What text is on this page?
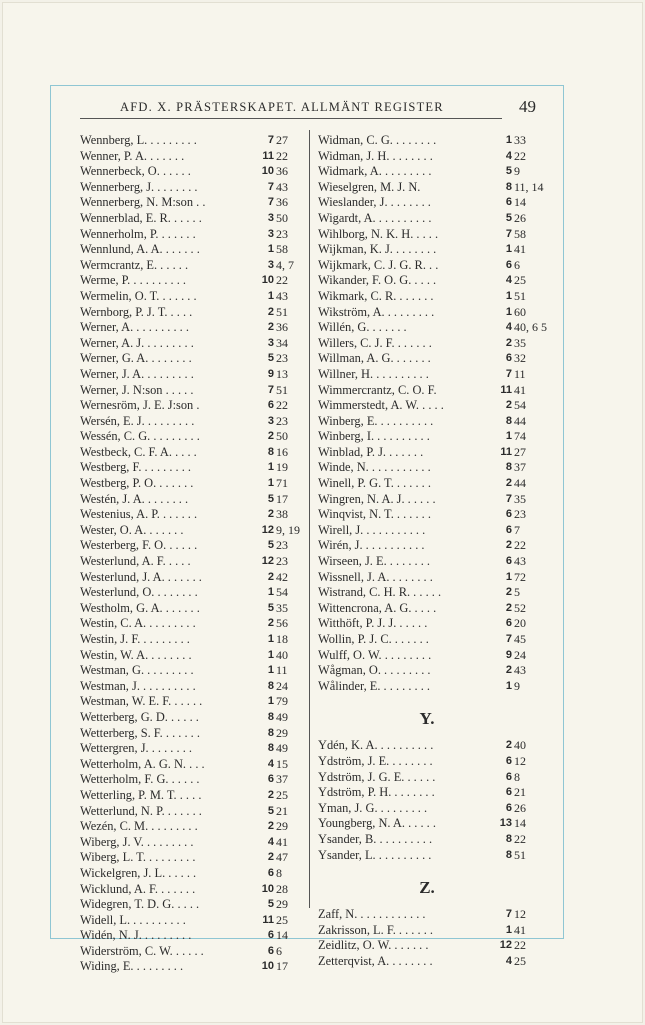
AFD. X. PRÄSTERSKAPET. ALLMÄNT REGISTER	49
Wennberg, L. . . . . . . . .	7 27
Wenner, P. A. . . . . . .	11 22
Wennerbeck, O. . . . . .	10 36
Wennerberg, J. . . . . . . .	7 43
Wennerberg, N. M:son . .	7 36
Wennerblad, E. R. . . . . .	3 50
Wennerholm, P. . . . . . .	3 23
Wennlund, A. A. . . . . . .	1 58
Wermcrantz, E. . . . . .	3 4, 7
Werme, P. . . . . . . . . .	10 22
Wermelin, O. T. . . . . . .	1 43
Wernborg, P. J. T. . . . .	2 51
Werner, A. . . . . . . . . .	2 36
Werner, A. J. . . . . . . . .	3 34
Werner, G. A. . . . . . . .	5 23
Werner, J. A. . . . . . . . .	9 13
Werner, J. N:son . . . . .	7 51
Wernesröm, J. E. J:son .	6 22
Wersén, E. J. . . . . . . . .	3 23
Wessén, C. G. . . . . . . . .	2 50
Westbeck, C. F. A. . . . .	8 16
Westberg, F. . . . . . . . .	1 19
Westberg, P. O. . . . . . .	1 71
Westén, J. A. . . . . . . .	5 17
Westenius, A. P. . . . . . .	2 38
Wester, O. A. . . . . . .	12 9, 19
Westerberg, F. O. . . . . .	5 23
Westerlund, A. F. . . . .	12 23
Westerlund, J. A. . . . . . .	2 42
Westerlund, O. . . . . . . .	1 54
Westholm, G. A. . . . . . .	5 35
Westin, C. A. . . . . . . . .	2 56
Westin, J. F. . . . . . . . .	1 18
Westin, W. A. . . . . . . .	1 40
Westman, G. . . . . . . . .	1 11
Westman, J. . . . . . . . . .	8 24
Westman, W. E. F. . . . . .	1 79
Wetterberg, G. D. . . . . .	8 49
Wetterberg, S. F. . . . . . .	8 29
Wettergren, J. . . . . . . .	8 49
Wetterholm, A. G. N. . . .	4 15
Wetterholm, F. G. . . . . .	6 37
Wetterling, P. M. T. . . . .	2 25
Wetterlund, N. P. . . . . . .	5 21
Wezén, C. M. . . . . . . . .	2 29
Wiberg, J. V. . . . . . . . .	4 41
Wiberg, L. T. . . . . . . . .	2 47
Wickelgren, J. L. . . . . .	6 8
Wicklund, A. F. . . . . . .	10 28
Widegren, T. D. G. . . . .	5 29
Widell, L. . . . . . . . . .	11 25
Widén, N. J. . . . . . . . .	6 14
Widerström, C. W. . . . . .	6 6
Widing, E. . . . . . . . .	10 17
Widman, C. G. . . . . . . .	1 33
Widman, J. H. . . . . . . .	4 22
Widmark, A. . . . . . . . .	5 9
Wieselgren, M. J. N.	8 11, 14
Wieslander, J. . . . . . . .	6 14
Wigardt, A. . . . . . . . . .	5 26
Wihlborg, N. K. H. . . . .	7 58
Wijkman, K. J. . . . . . . .	1 41
Wijkmark, C. J. G. R. . .	6 6
Wikander, F. O. G. . . . .	4 25
Wikmark, C. R. . . . . . .	1 51
Wikström, A. . . . . . . . .	1 60
Willén, G. . . . . . .	4 40, 6 5
Willers, C. J. F. . . . . . .	2 35
Willman, A. G. . . . . . .	6 32
Willner, H. . . . . . . . . .	7 11
Wimmercrantz, C. O. F.	11 41
Wimmerstedt, A. W. . . . .	2 54
Winberg, E. . . . . . . . . .	8 44
Winberg, I. . . . . . . . . .	1 74
Winblad, P. J. . . . . . .	11 27
Winde, N. . . . . . . . . . .	8 37
Winell, P. G. T. . . . . . .	2 44
Wingren, N. A. J. . . . . .	7 35
Winqvist, N. T. . . . . . .	6 23
Wirell, J. . . . . . . . . . .	6 7
Wirén, J. . . . . . . . . . .	2 22
Wirseen, J. E. . . . . . . .	6 43
Wissnell, J. A. . . . . . . .	1 72
Wistrand, C. H. R. . . . . .	2 5
Wittencrona, A. G. . . . .	2 52
Witthöft, P. J. J. . . . . .	6 20
Wollin, P. J. C. . . . . . .	7 45
Wulff, O. W. . . . . . . . .	9 24
Wågman, O. . . . . . . . .	2 43
Wålinder, E. . . . . . . . .	1 9
Y.
Ydén, K. A. . . . . . . . . .	2 40
Ydström, J. E. . . . . . . .	6 12
Ydström, J. G. E. . . . . .	6 8
Ydström, P. H. . . . . . . .	6 21
Yman, J. G. . . . . . . . .	6 26
Youngberg, N. A. . . . . .	13 14
Ysander, B. . . . . . . . . .	8 22
Ysander, L. . . . . . . . . .	8 51
Z.
Zaff, N. . . . . . . . . . . .	7 12
Zakrisson, L. F. . . . . . .	1 41
Zeidlitz, O. W. . . . . . .	12 22
Zetterqvist, A. . . . . . . .	4 25
